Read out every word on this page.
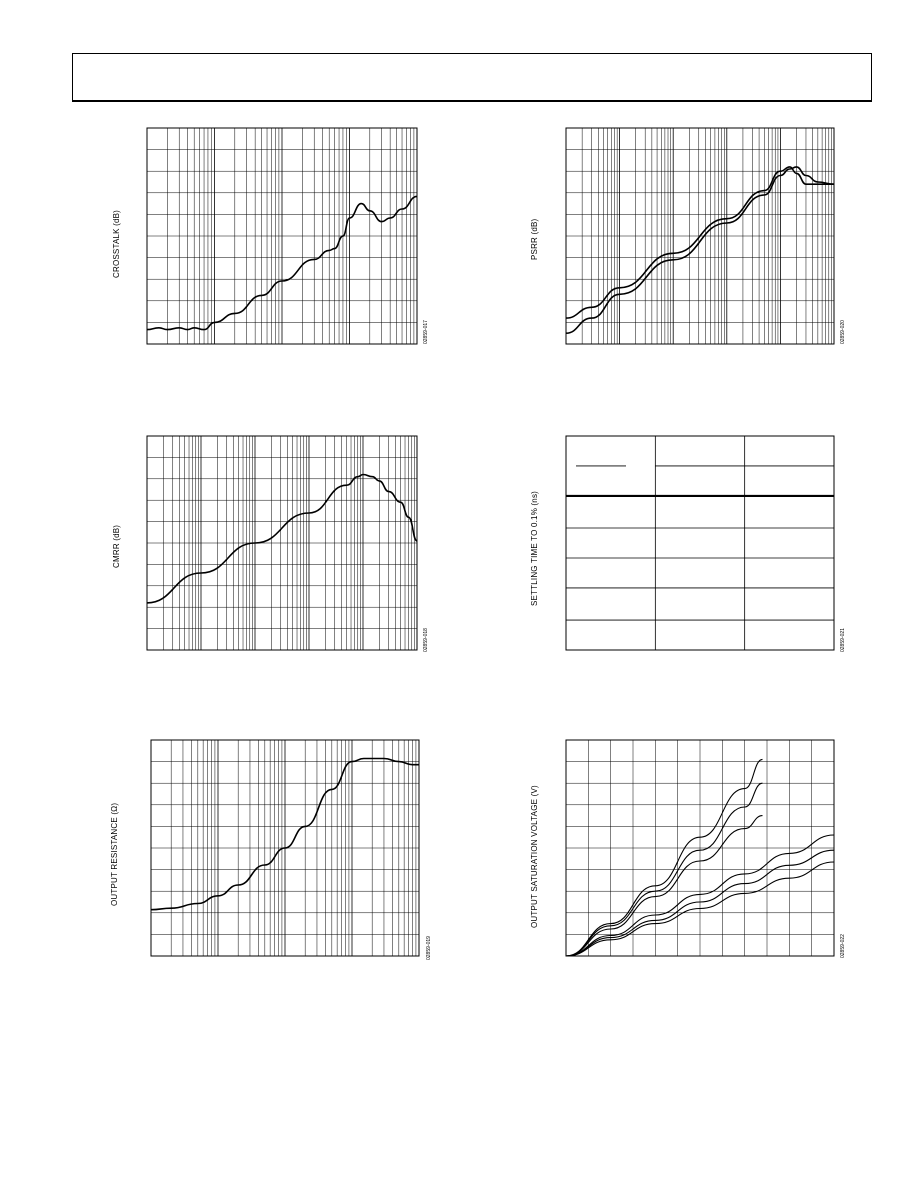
CROSSTALK (dB)
02859-017
PSRR (dB)
02859-020
CMRR (dB)
02859-018
SETTLING TIME TO 0.1% (ns)
02859-021
OUTPUT RESISTANCE (Ω)
02859-019
OUTPUT SATURATION VOLTAGE (V)
02859-022
